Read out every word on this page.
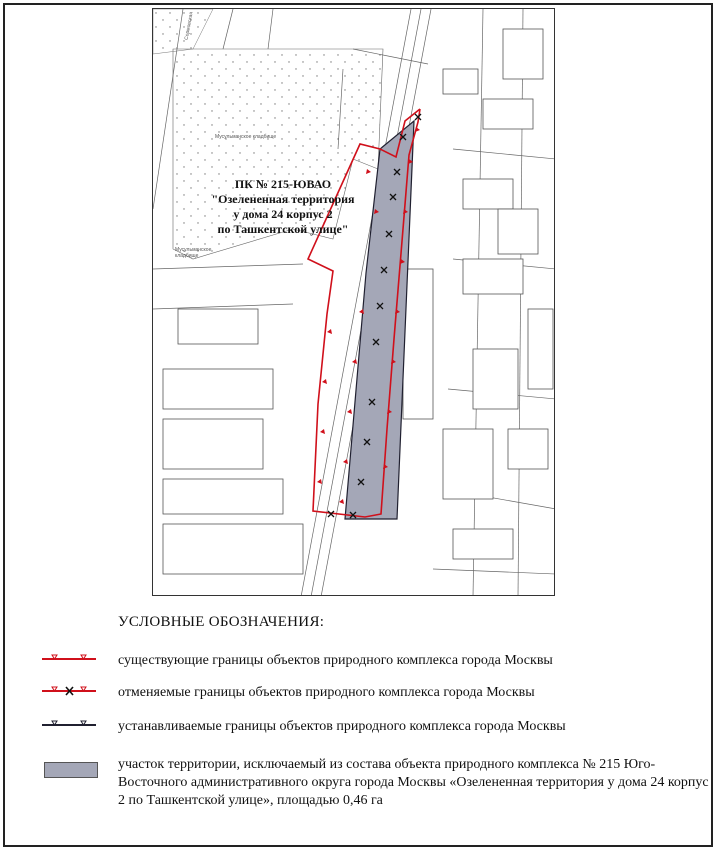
Мусульманское кладбище
Мусульманское кладбище
Сормовская
ПК № 215-ЮВАО
"Озелененная территория
у дома 24 корпус 2
по Ташкентской улице"
УСЛОВНЫЕ ОБОЗНАЧЕНИЯ:
существующие границы объектов природного комплекса города Москвы
отменяемые границы объектов природного комплекса города Москвы
устанавливаемые границы объектов природного комплекса города Москвы
участок территории, исключаемый из состава объекта природного комплекса № 215 Юго-Восточного административного округа города Москвы «Озелененная территория у дома 24 корпус 2 по Ташкентской улице», площадью 0,46 га
